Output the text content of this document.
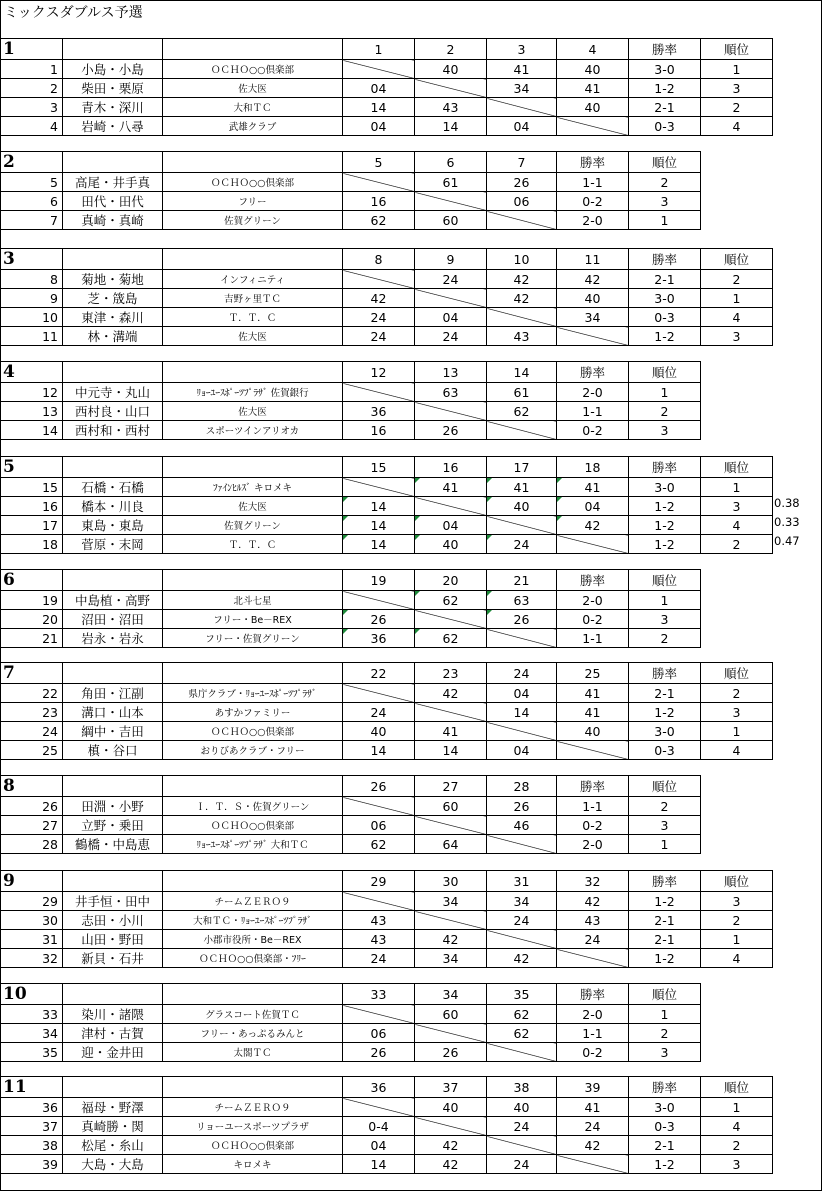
ミックスダブルス予選
1			1	2	3	4	勝率	順位
1	小島・小島	ＯＣＨＯ○○倶楽部		40	41	40	3-0	1
2	柴田・栗原	佐大医	04		34	41	1-2	3
3	青木・深川	大和ＴＣ	14	43		40	2-1	2
4	岩崎・八尋	武雄クラブ	04	14	04		0-3	4
2			5	6	7	勝率	順位
5	高尾・井手真	ＯＣＨＯ○○倶楽部		61	26	1-1	2
6	田代・田代	フリー	16		06	0-2	3
7	真崎・真崎	佐賀グリーン	62	60		2-0	1
3			8	9	10	11	勝率	順位
8	菊地・菊地	インフィニティ		24	42	42	2-1	2
9	芝・筬島	吉野ヶ里ＴＣ	42		42	40	3-0	1
10	東津・森川	Ｔ．Ｔ．Ｃ	24	04		34	0-3	4
11	林・溝端	佐大医	24	24	43		1-2	3
4			12	13	14	勝率	順位
12	中元寺・丸山	ﾘｮｰﾕｰｽﾎﾟｰﾂﾌﾟﾗｻﾞ 佐賀銀行		63	61	2-0	1
13	西村良・山口	佐大医	36		62	1-1	2
14	西村和・西村	スポーツインアリオカ	16	26		0-2	3
0.38
0.33
0.47
5			15	16	17	18	勝率	順位
15	石橋・石橋	ﾌｧｲﾝﾋﾙｽﾞ キロメキ		41	41	41	3-0	1
16	橋本・川良	佐大医	14		40	04	1-2	3
17	東島・東島	佐賀グリーン	14	04		42	1-2	4
18	菅原・末岡	Ｔ．Ｔ．Ｃ	14	40	24		1-2	2
6			19	20	21	勝率	順位
19	中島植・高野	北斗七星		62	63	2-0	1
20	沼田・沼田	フリー・Be－REX	26		26	0-2	3
21	岩永・岩永	フリー・佐賀グリーン	36	62		1-1	2
7			22	23	24	25	勝率	順位
22	角田・江副	県庁クラブ・ﾘｮｰﾕｰｽﾎﾟｰﾂﾌﾟﾗｻﾞ		42	04	41	2-1	2
23	溝口・山本	あすかファミリー	24		14	41	1-2	3
24	綱中・吉田	ＯＣＨＯ○○倶楽部	40	41		40	3-0	1
25	槙・谷口	おりびあクラブ・フリー	14	14	04		0-3	4
8			26	27	28	勝率	順位
26	田淵・小野	Ｉ．Ｔ．Ｓ・佐賀グリーン		60	26	1-1	2
27	立野・乗田	ＯＣＨＯ○○倶楽部	06		46	0-2	3
28	鶴橋・中島恵	ﾘｮｰﾕｰｽﾎﾟｰﾂﾌﾟﾗｻﾞ 大和ＴＣ	62	64		2-0	1
9			29	30	31	32	勝率	順位
29	井手恒・田中	チームＺＥＲＯ９		34	34	42	1-2	3
30	志田・小川	大和ＴＣ・ﾘｮｰﾕｰｽﾎﾟｰﾂﾌﾟﾗｻﾞ	43		24	43	2-1	2
31	山田・野田	小郡市役所・Be－REX	43	42		24	2-1	1
32	新貝・石井	ＯＣＨＯ○○倶楽部・ﾌﾘｰ	24	34	42		1-2	4
10			33	34	35	勝率	順位
33	染川・諸隈	グラスコート佐賀ＴＣ		60	62	2-0	1
34	津村・古賀	フリー・あっぷるみんと	06		62	1-1	2
35	迎・金井田	太閤ＴＣ	26	26		0-2	3
11			36	37	38	39	勝率	順位
36	福母・野澤	チームＺＥＲＯ９		40	40	41	3-0	1
37	真崎勝・関	リョーユースポーツプラザ	0-4		24	24	0-3	4
38	松尾・糸山	ＯＣＨＯ○○倶楽部	04	42		42	2-1	2
39	大島・大島	キロメキ	14	42	24		1-2	3
